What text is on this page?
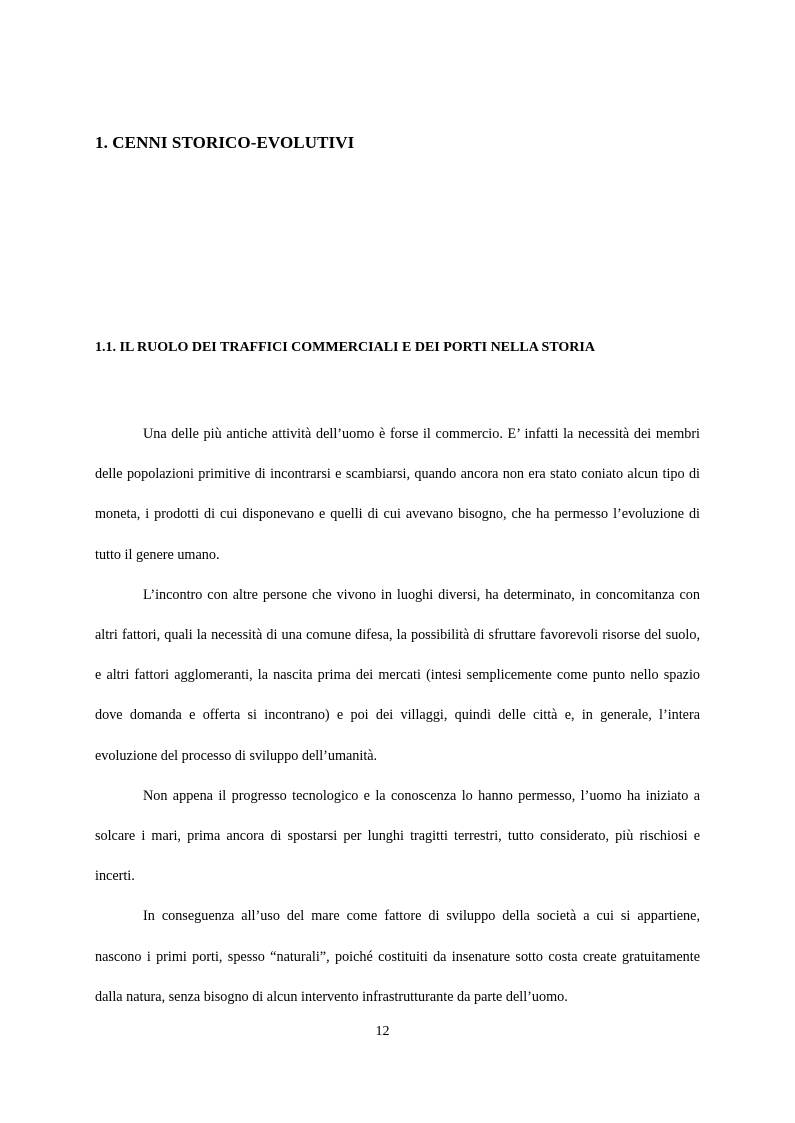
1. CENNI STORICO-EVOLUTIVI
1.1. IL RUOLO DEI TRAFFICI COMMERCIALI E DEI PORTI NELLA STORIA

Una delle più antiche attività dell’uomo è forse il commercio. E’ infatti la necessità dei membri delle popolazioni primitive di incontrarsi e scambiarsi, quando ancora non era stato coniato alcun tipo di moneta, i prodotti di cui disponevano e quelli di cui avevano bisogno, che ha permesso l’evoluzione di tutto il genere umano.

L’incontro con altre persone che vivono in luoghi diversi, ha determinato, in concomitanza con altri fattori, quali la necessità di una comune difesa, la possibilità di sfruttare favorevoli risorse del suolo, e altri fattori agglomeranti, la nascita prima dei mercati (intesi semplicemente come punto nello spazio dove domanda e offerta si incontrano) e poi dei villaggi, quindi delle città e, in generale, l’intera evoluzione del processo di sviluppo dell’umanità.

Non appena il progresso tecnologico e la conoscenza lo hanno permesso, l’uomo ha iniziato a solcare i mari, prima ancora di spostarsi per lunghi tragitti terrestri, tutto considerato, più rischiosi e incerti.

In conseguenza all’uso del mare come fattore di sviluppo della società a cui si appartiene, nascono i primi porti, spesso “naturali”, poiché costituiti da insenature sotto costa create gratuitamente dalla natura, senza bisogno di alcun intervento infrastrutturante da parte dell’uomo.

12
